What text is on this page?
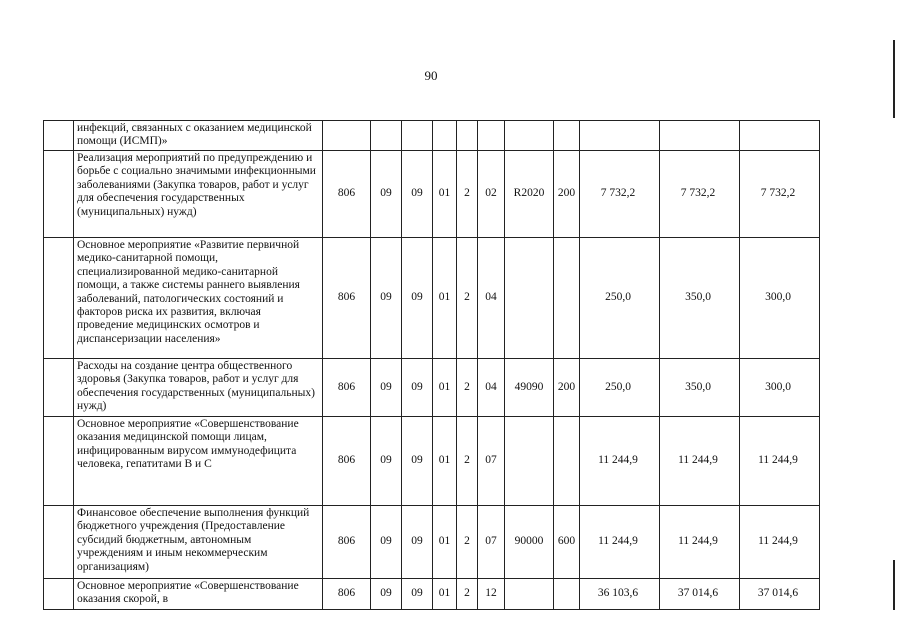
90
	инфекций, связанных с оказанием медицинской помощи (ИСМП)»											
	Реализация мероприятий по предупреждению и борьбе с социально значимыми инфекционными заболеваниями (Закупка товаров, работ и услуг для обеспечения государственных (муниципальных) нужд)	806	09	09	01	2	02	R2020	200	7 732,2	7 732,2	7 732,2
	Основное мероприятие «Развитие первичной медико-санитарной помощи, специализированной медико-санитарной помощи, а также системы раннего выявления заболеваний, патологических состояний и факторов риска их развития, включая проведение медицинских осмотров и диспансеризации населения»	806	09	09	01	2	04			250,0	350,0	300,0
	Расходы на создание центра общественного здоровья (Закупка товаров, работ и услуг для обеспечения государственных (муниципальных) нужд)	806	09	09	01	2	04	49090	200	250,0	350,0	300,0
	Основное мероприятие «Совершенствование оказания медицинской помощи лицам, инфицированным вирусом иммунодефицита человека, гепатитами В и С	806	09	09	01	2	07			11 244,9	11 244,9	11 244,9
	Финансовое обеспечение выполнения функций бюджетного учреждения (Предоставление субсидий бюджетным, автономным учреждениям и иным некоммерческим организациям)	806	09	09	01	2	07	90000	600	11 244,9	11 244,9	11 244,9
	Основное мероприятие «Совершенствование оказания скорой, в	806	09	09	01	2	12			36 103,6	37 014,6	37 014,6
